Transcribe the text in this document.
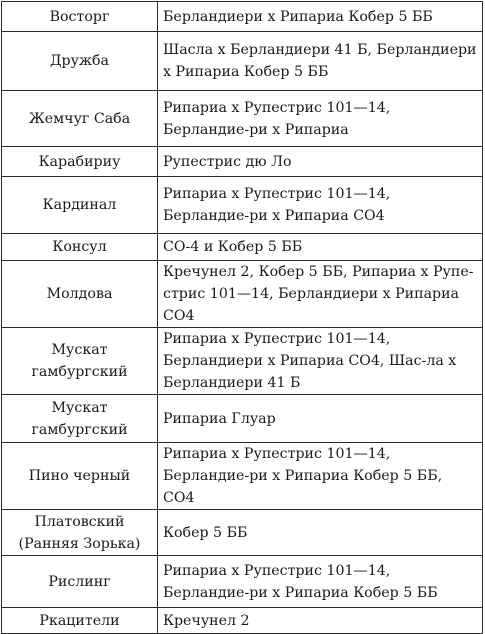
Восторг	Берландиери х Рипариа Кобер 5 ББ
Дружба	Шасла х Берландиери 41 Б, Берландиери х Рипариа Кобер 5 ББ
Жемчуг Саба	Рипариа х Рупестрис 101—14, Берландие-ри х Рипариа
Карабириу	Рупестрис дю Ло
Кардинал	Рипариа х Рупестрис 101—14, Берландие-ри х Рипариа СО4
Консул	СО-4 и Кобер 5 ББ
Молдова	Кречунел 2, Кобер 5 ББ, Рипариа х Рупе-стрис 101—14, Берландиери х Рипариа СО4
Мускат гамбургский	Рипариа х Рупестрис 101—14, Берландиери х Рипариа СО4, Шас-ла х Берландиери 41 Б
Мускат гамбургский	Рипариа Глуар
Пино черный	Рипариа х Рупестрис 101—14, Берландие-ри х Рипариа Кобер 5 ББ, СО4
Платовский (Ранняя Зорька)	Кобер 5 ББ
Рислинг	Рипариа х Рупестрис 101—14, Берландие-ри х Рипариа Кобер 5 ББ
Ркацители	Кречунел 2
